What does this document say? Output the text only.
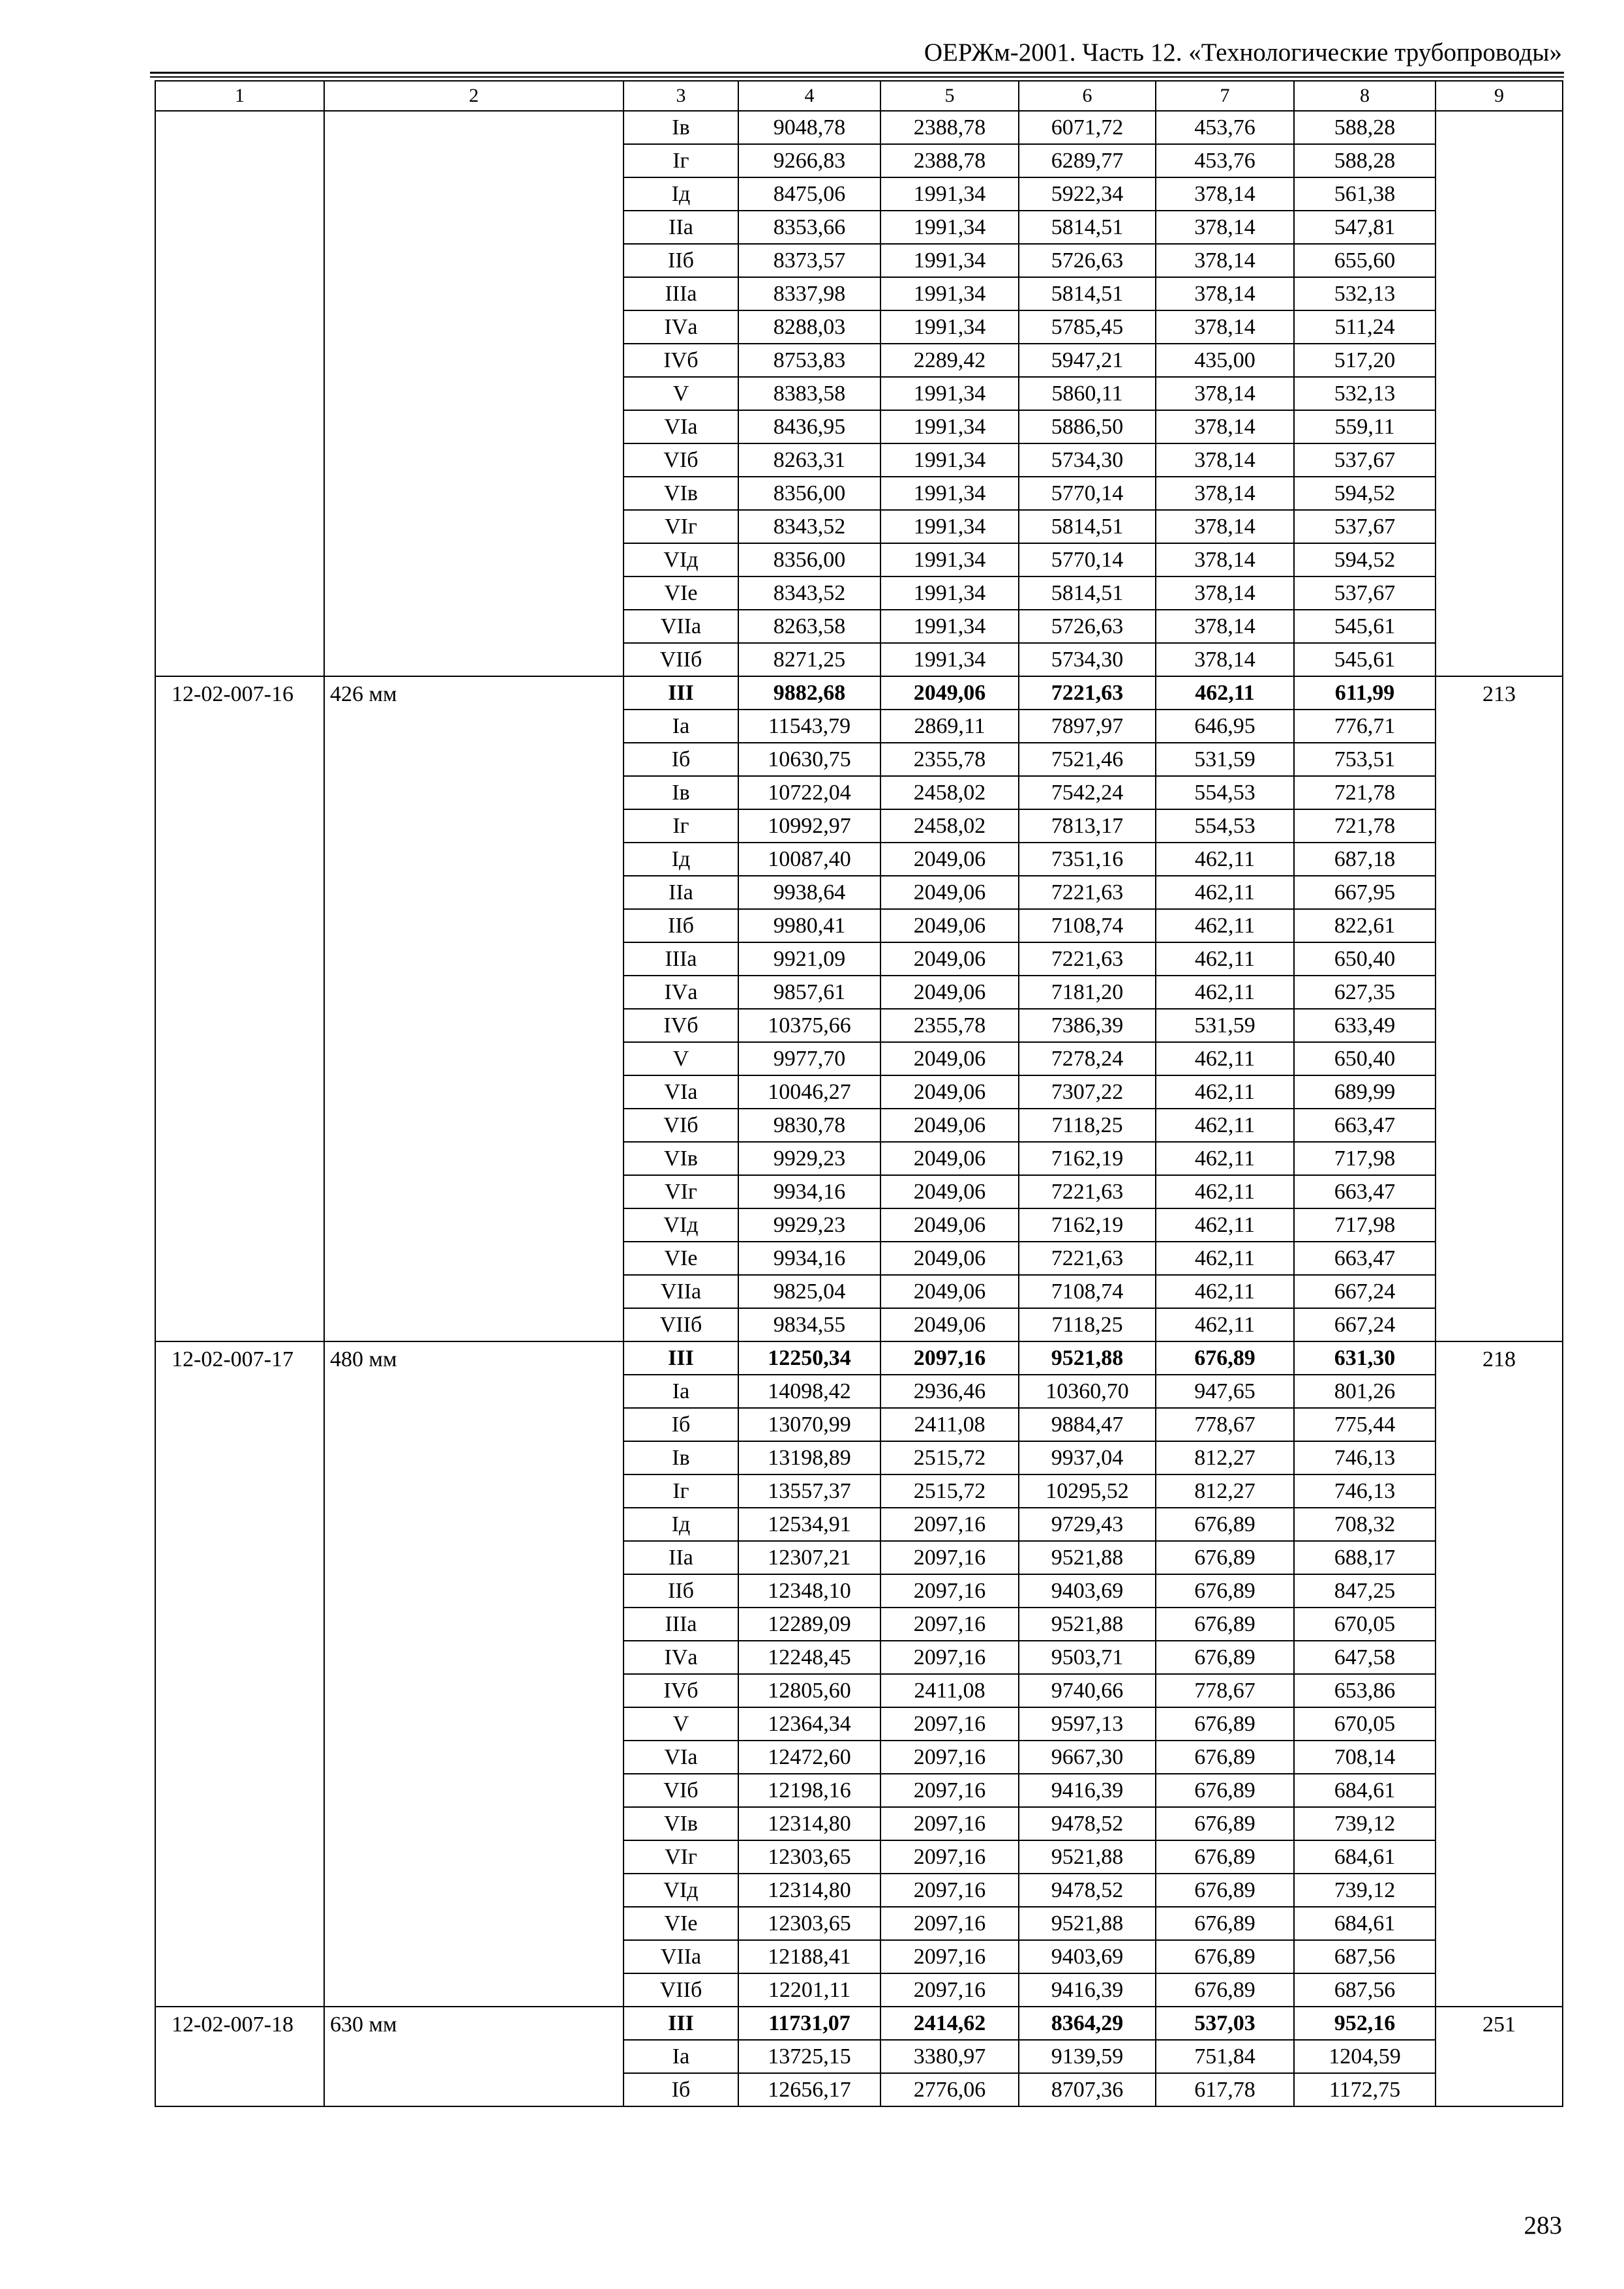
ОЕРЖм-2001. Часть 12. «Технологические трубопроводы»
1	2	3	4	5	6	7	8	9
		Iв	9048,78	2388,78	6071,72	453,76	588,28	
		Iг	9266,83	2388,78	6289,77	453,76	588,28	
		Iд	8475,06	1991,34	5922,34	378,14	561,38	
		IIа	8353,66	1991,34	5814,51	378,14	547,81	
		IIб	8373,57	1991,34	5726,63	378,14	655,60	
		IIIа	8337,98	1991,34	5814,51	378,14	532,13	
		IVа	8288,03	1991,34	5785,45	378,14	511,24	
		IVб	8753,83	2289,42	5947,21	435,00	517,20	
		V	8383,58	1991,34	5860,11	378,14	532,13	
		VIа	8436,95	1991,34	5886,50	378,14	559,11	
		VIб	8263,31	1991,34	5734,30	378,14	537,67	
		VIв	8356,00	1991,34	5770,14	378,14	594,52	
		VIг	8343,52	1991,34	5814,51	378,14	537,67	
		VIд	8356,00	1991,34	5770,14	378,14	594,52	
		VIе	8343,52	1991,34	5814,51	378,14	537,67	
		VIIа	8263,58	1991,34	5726,63	378,14	545,61	
		VIIб	8271,25	1991,34	5734,30	378,14	545,61	
12-02-007-16	426 мм	III	9882,68	2049,06	7221,63	462,11	611,99	213
		Iа	11543,79	2869,11	7897,97	646,95	776,71	
		Iб	10630,75	2355,78	7521,46	531,59	753,51	
		Iв	10722,04	2458,02	7542,24	554,53	721,78	
		Iг	10992,97	2458,02	7813,17	554,53	721,78	
		Iд	10087,40	2049,06	7351,16	462,11	687,18	
		IIа	9938,64	2049,06	7221,63	462,11	667,95	
		IIб	9980,41	2049,06	7108,74	462,11	822,61	
		IIIа	9921,09	2049,06	7221,63	462,11	650,40	
		IVа	9857,61	2049,06	7181,20	462,11	627,35	
		IVб	10375,66	2355,78	7386,39	531,59	633,49	
		V	9977,70	2049,06	7278,24	462,11	650,40	
		VIа	10046,27	2049,06	7307,22	462,11	689,99	
		VIб	9830,78	2049,06	7118,25	462,11	663,47	
		VIв	9929,23	2049,06	7162,19	462,11	717,98	
		VIг	9934,16	2049,06	7221,63	462,11	663,47	
		VIд	9929,23	2049,06	7162,19	462,11	717,98	
		VIе	9934,16	2049,06	7221,63	462,11	663,47	
		VIIа	9825,04	2049,06	7108,74	462,11	667,24	
		VIIб	9834,55	2049,06	7118,25	462,11	667,24	
12-02-007-17	480 мм	III	12250,34	2097,16	9521,88	676,89	631,30	218
		Iа	14098,42	2936,46	10360,70	947,65	801,26	
		Iб	13070,99	2411,08	9884,47	778,67	775,44	
		Iв	13198,89	2515,72	9937,04	812,27	746,13	
		Iг	13557,37	2515,72	10295,52	812,27	746,13	
		Iд	12534,91	2097,16	9729,43	676,89	708,32	
		IIа	12307,21	2097,16	9521,88	676,89	688,17	
		IIб	12348,10	2097,16	9403,69	676,89	847,25	
		IIIа	12289,09	2097,16	9521,88	676,89	670,05	
		IVа	12248,45	2097,16	9503,71	676,89	647,58	
		IVб	12805,60	2411,08	9740,66	778,67	653,86	
		V	12364,34	2097,16	9597,13	676,89	670,05	
		VIа	12472,60	2097,16	9667,30	676,89	708,14	
		VIб	12198,16	2097,16	9416,39	676,89	684,61	
		VIв	12314,80	2097,16	9478,52	676,89	739,12	
		VIг	12303,65	2097,16	9521,88	676,89	684,61	
		VIд	12314,80	2097,16	9478,52	676,89	739,12	
		VIе	12303,65	2097,16	9521,88	676,89	684,61	
		VIIа	12188,41	2097,16	9403,69	676,89	687,56	
		VIIб	12201,11	2097,16	9416,39	676,89	687,56	
12-02-007-18	630 мм	III	11731,07	2414,62	8364,29	537,03	952,16	251
		Iа	13725,15	3380,97	9139,59	751,84	1204,59	
		Iб	12656,17	2776,06	8707,36	617,78	1172,75	
283
